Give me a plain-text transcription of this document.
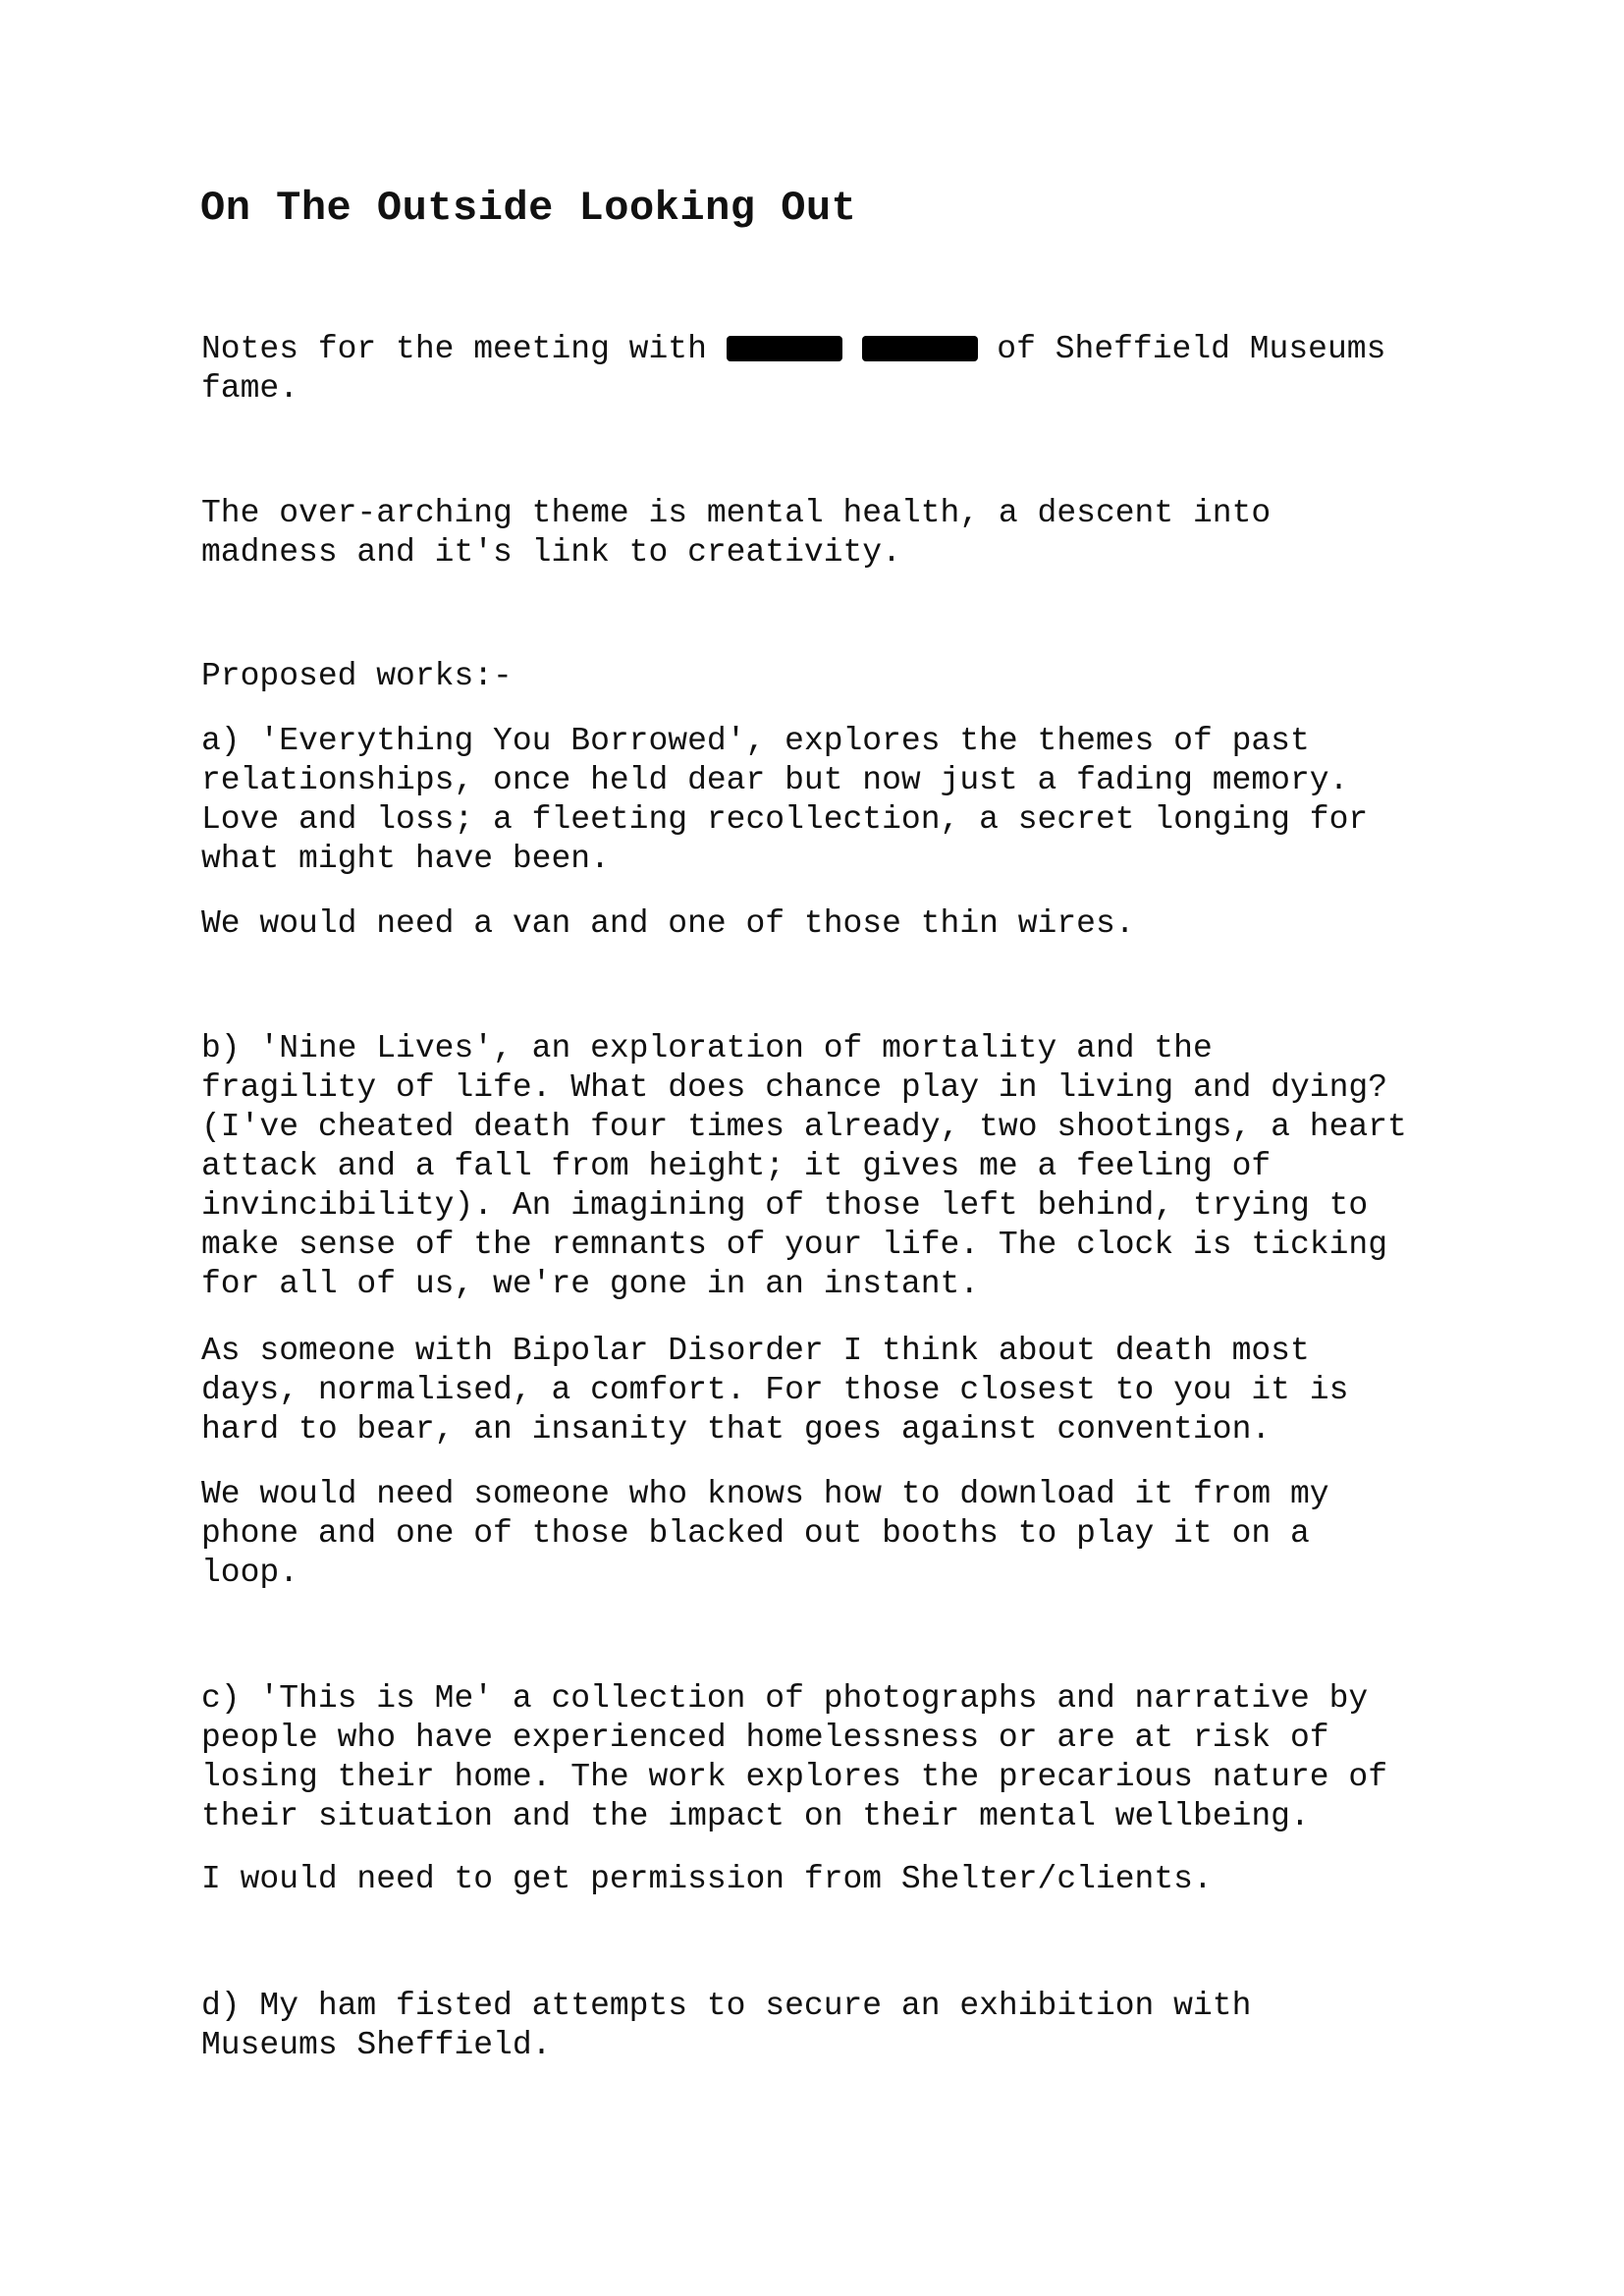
On The Outside Looking Out

Notes for the meeting with	of Sheffield Museums
fame.

The over-arching theme is mental health, a descent into
madness and it's link to creativity.

Proposed works:-

a) 'Everything You Borrowed', explores the themes of past
relationships, once held dear but now just a fading memory.
Love and loss; a fleeting recollection, a secret longing for
what might have been.

We would need a van and one of those thin wires.

b) 'Nine Lives', an exploration of mortality and the
fragility of life. What does chance play in living and dying?
(I've cheated death four times already, two shootings, a heart
attack and a fall from height; it gives me a feeling of
invincibility). An imagining of those left behind, trying to
make sense of the remnants of your life. The clock is ticking
for all of us, we're gone in an instant.

As someone with Bipolar Disorder I think about death most
days, normalised, a comfort. For those closest to you it is
hard to bear, an insanity that goes against convention.

We would need someone who knows how to download it from my
phone and one of those blacked out booths to play it on a
loop.

c) 'This is Me' a collection of photographs and narrative by
people who have experienced homelessness or are at risk of
losing their home. The work explores the precarious nature of
their situation and the impact on their mental wellbeing.

I would need to get permission from Shelter/clients.

d) My ham fisted attempts to secure an exhibition with
Museums Sheffield.
